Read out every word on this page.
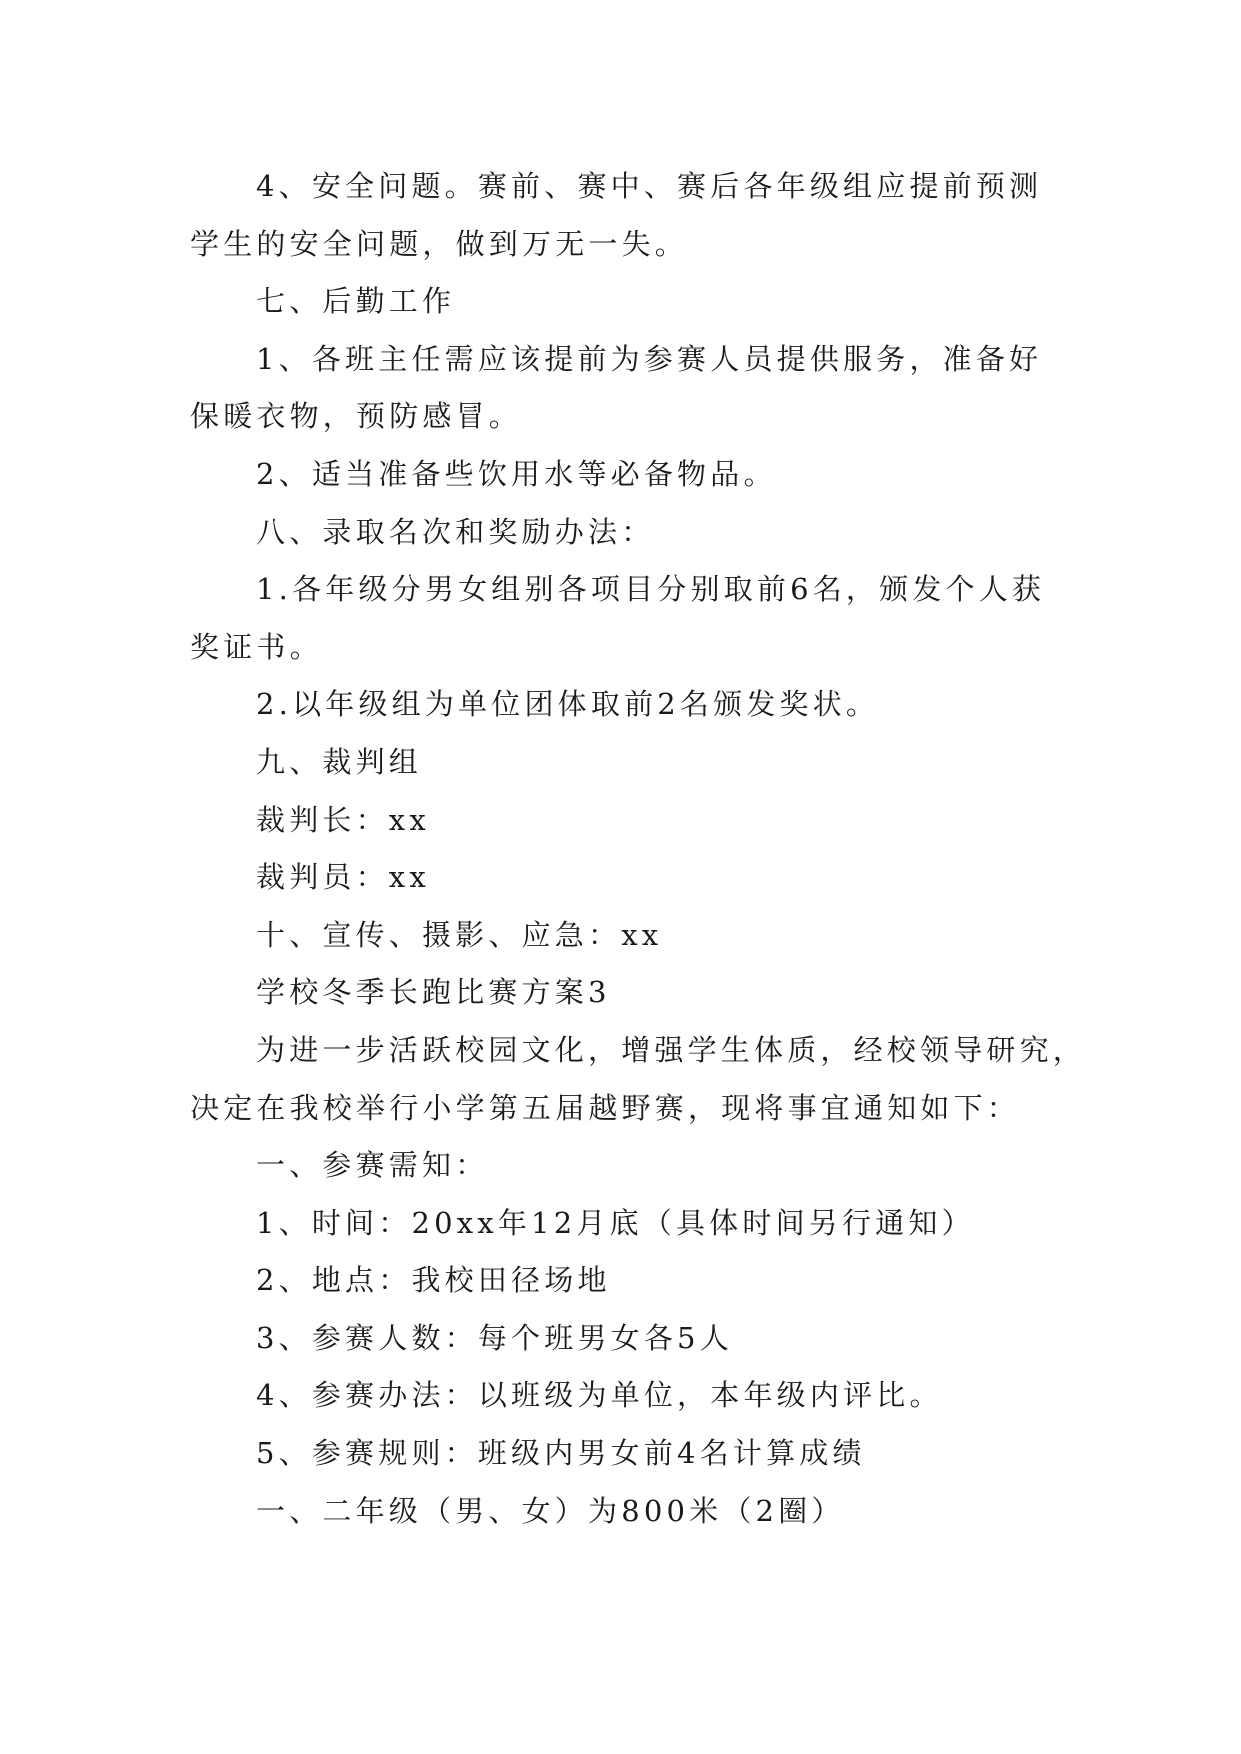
4、安全问题。赛前、赛中、赛后各年级组应提前预测
学生的安全问题，做到万无一失。
七、后勤工作
1、各班主任需应该提前为参赛人员提供服务，准备好
保暖衣物，预防感冒。
2、适当准备些饮用水等必备物品。
八、录取名次和奖励办法：
1.各年级分男女组别各项目分别取前6名，颁发个人获
奖证书。
2.以年级组为单位团体取前2名颁发奖状。
九、裁判组
裁判长：xx
裁判员：xx
十、宣传、摄影、应急：xx
学校冬季长跑比赛方案3
为进一步活跃校园文化，增强学生体质，经校领导研究，
决定在我校举行小学第五届越野赛，现将事宜通知如下：
一、参赛需知：
1、时间：20xx年12月底（具体时间另行通知）
2、地点：我校田径场地
3、参赛人数：每个班男女各5人
4、参赛办法：以班级为单位，本年级内评比。
5、参赛规则：班级内男女前4名计算成绩
一、二年级（男、女）为800米（2圈）
